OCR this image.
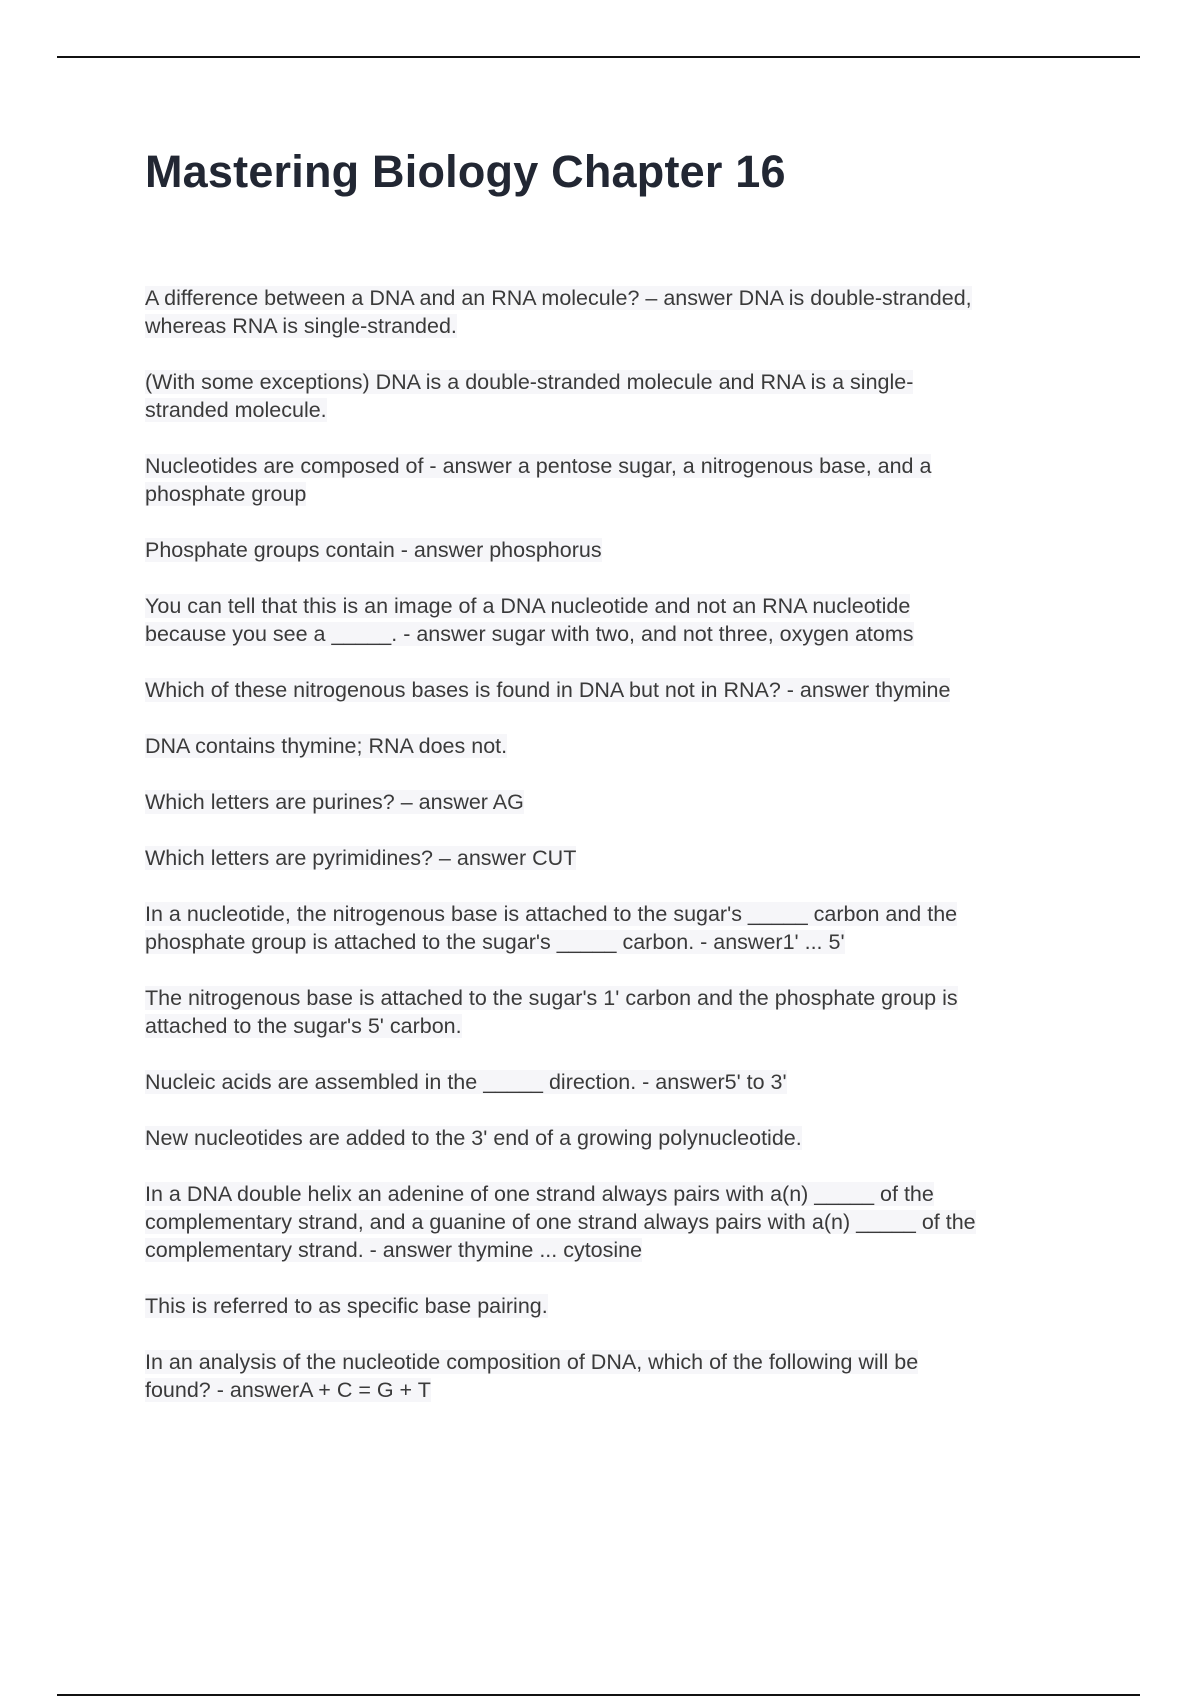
Mastering Biology Chapter 16
A difference between a DNA and an RNA molecule? – answer DNA is double-stranded,
whereas RNA is single-stranded.
(With some exceptions) DNA is a double-stranded molecule and RNA is a single-
stranded molecule.
Nucleotides are composed of - answer a pentose sugar, a nitrogenous base, and a
phosphate group
Phosphate groups contain - answer phosphorus
You can tell that this is an image of a DNA nucleotide and not an RNA nucleotide
because you see a _____. - answer sugar with two, and not three, oxygen atoms
Which of these nitrogenous bases is found in DNA but not in RNA? - answer thymine
DNA contains thymine; RNA does not.
Which letters are purines? – answer AG
Which letters are pyrimidines? – answer CUT
In a nucleotide, the nitrogenous base is attached to the sugar's _____ carbon and the
phosphate group is attached to the sugar's _____ carbon. - answer1' ... 5'
The nitrogenous base is attached to the sugar's 1' carbon and the phosphate group is
attached to the sugar's 5' carbon.
Nucleic acids are assembled in the _____ direction. - answer5' to 3'
New nucleotides are added to the 3' end of a growing polynucleotide.
In a DNA double helix an adenine of one strand always pairs with a(n) _____ of the
complementary strand, and a guanine of one strand always pairs with a(n) _____ of the
complementary strand. - answer thymine ... cytosine
This is referred to as specific base pairing.
In an analysis of the nucleotide composition of DNA, which of the following will be
found? - answerA + C = G + T
